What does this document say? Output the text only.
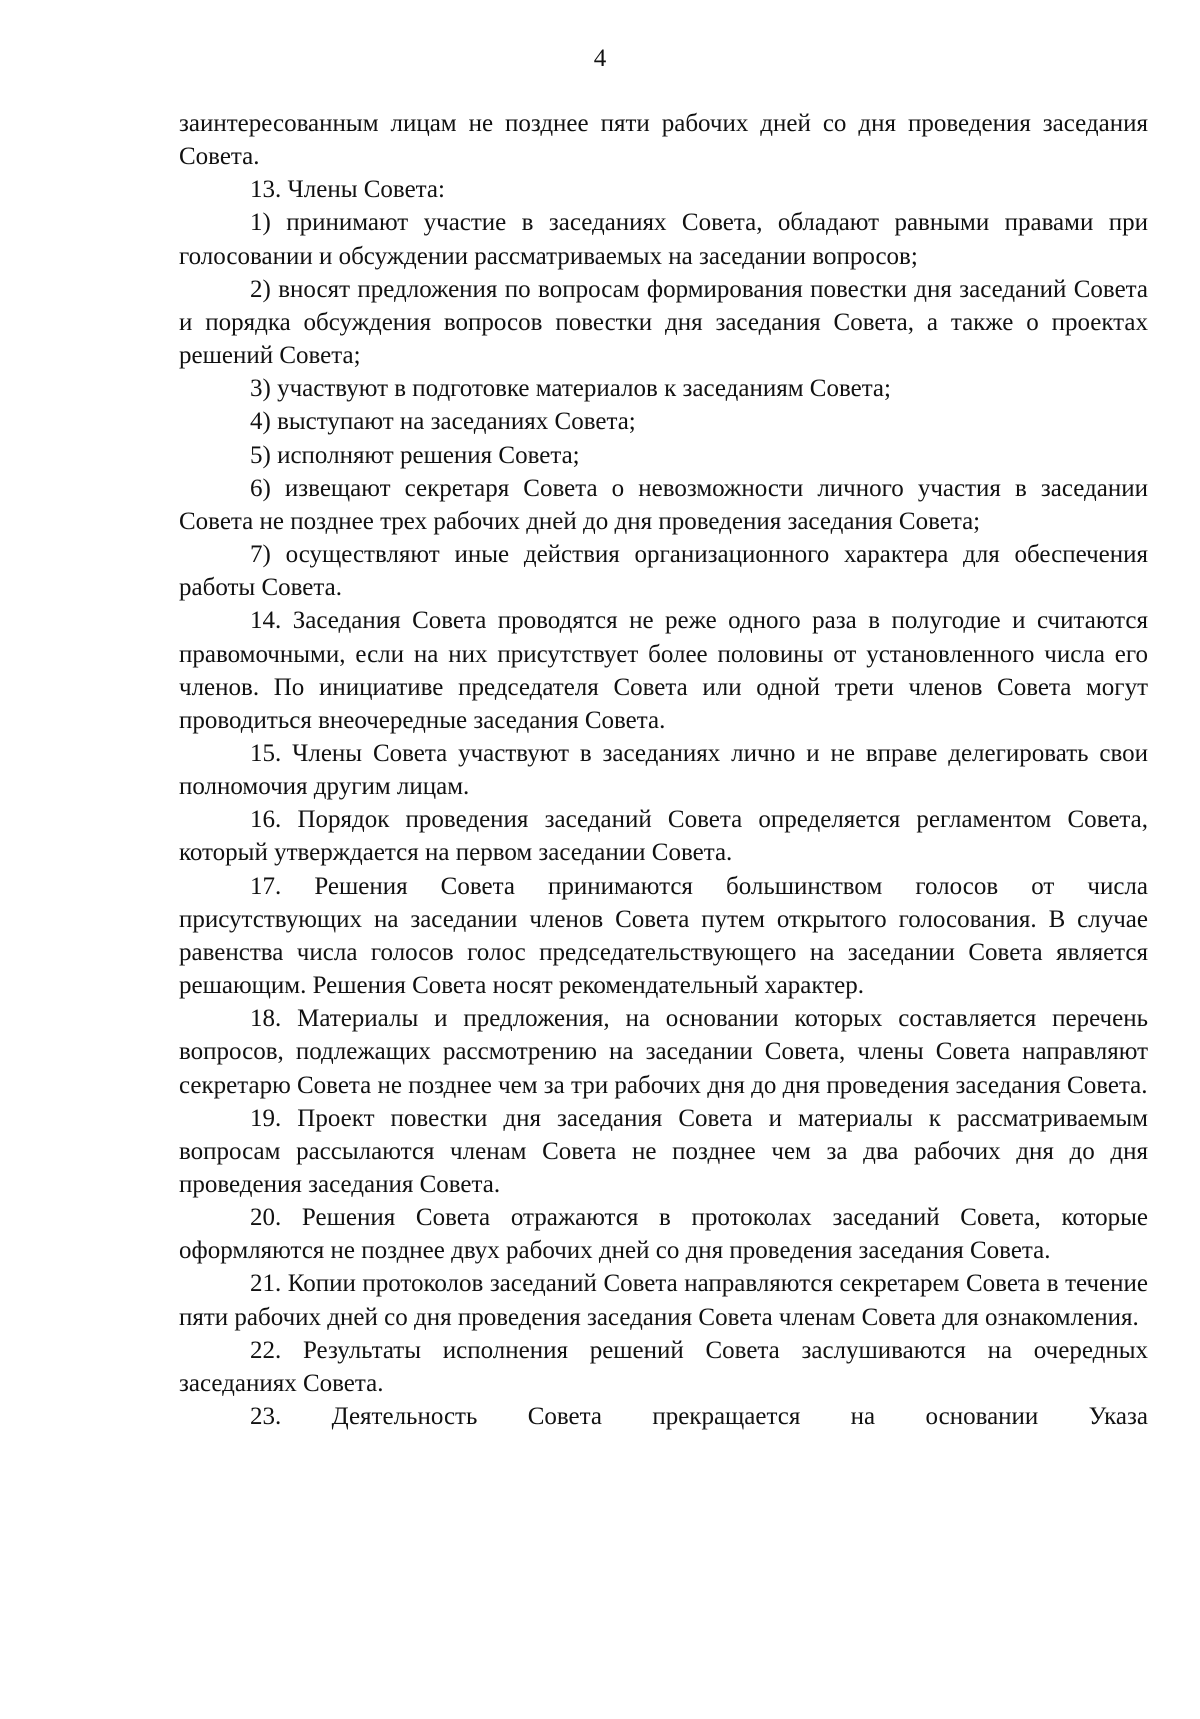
4

заинтересованным лицам не позднее пяти рабочих дней со дня проведения заседания Совета.

13. Члены Совета:

1) принимают участие в заседаниях Совета, обладают равными правами при голосовании и обсуждении рассматриваемых на заседании вопросов;

2) вносят предложения по вопросам формирования повестки дня заседаний Совета и порядка обсуждения вопросов повестки дня заседания Совета, а также о проектах решений Совета;

3) участвуют в подготовке материалов к заседаниям Совета;

4) выступают на заседаниях Совета;

5) исполняют решения Совета;

6) извещают секретаря Совета о невозможности личного участия в заседании Совета не позднее трех рабочих дней до дня проведения заседания Совета;

7) осуществляют иные действия организационного характера для обеспечения работы Совета.

14. Заседания Совета проводятся не реже одного раза в полугодие и считаются правомочными, если на них присутствует более половины от установленного числа его членов. По инициативе председателя Совета или одной трети членов Совета могут проводиться внеочередные заседания Совета.

15. Члены Совета участвуют в заседаниях лично и не вправе делегировать свои полномочия другим лицам.

16. Порядок проведения заседаний Совета определяется регламентом Совета, который утверждается на первом заседании Совета.

17. Решения Совета принимаются большинством голосов от числа присутствующих на заседании членов Совета путем открытого голосования. В случае равенства числа голосов голос председательствующего на заседании Совета является решающим. Решения Совета носят рекомендательный характер.

18. Материалы и предложения, на основании которых составляется перечень вопросов, подлежащих рассмотрению на заседании Совета, члены Совета направляют секретарю Совета не позднее чем за три рабочих дня до дня проведения заседания Совета.

19. Проект повестки дня заседания Совета и материалы к рассматриваемым вопросам рассылаются членам Совета не позднее чем за два рабочих дня до дня проведения заседания Совета.

20. Решения Совета отражаются в протоколах заседаний Совета, которые оформляются не позднее двух рабочих дней со дня проведения заседания Совета.

21. Копии протоколов заседаний Совета направляются секретарем Совета в течение пяти рабочих дней со дня проведения заседания Совета членам Совета для ознакомления.

22. Результаты исполнения решений Совета заслушиваются на очередных заседаниях Совета.

23. Деятельность Совета прекращается на основании Указа
